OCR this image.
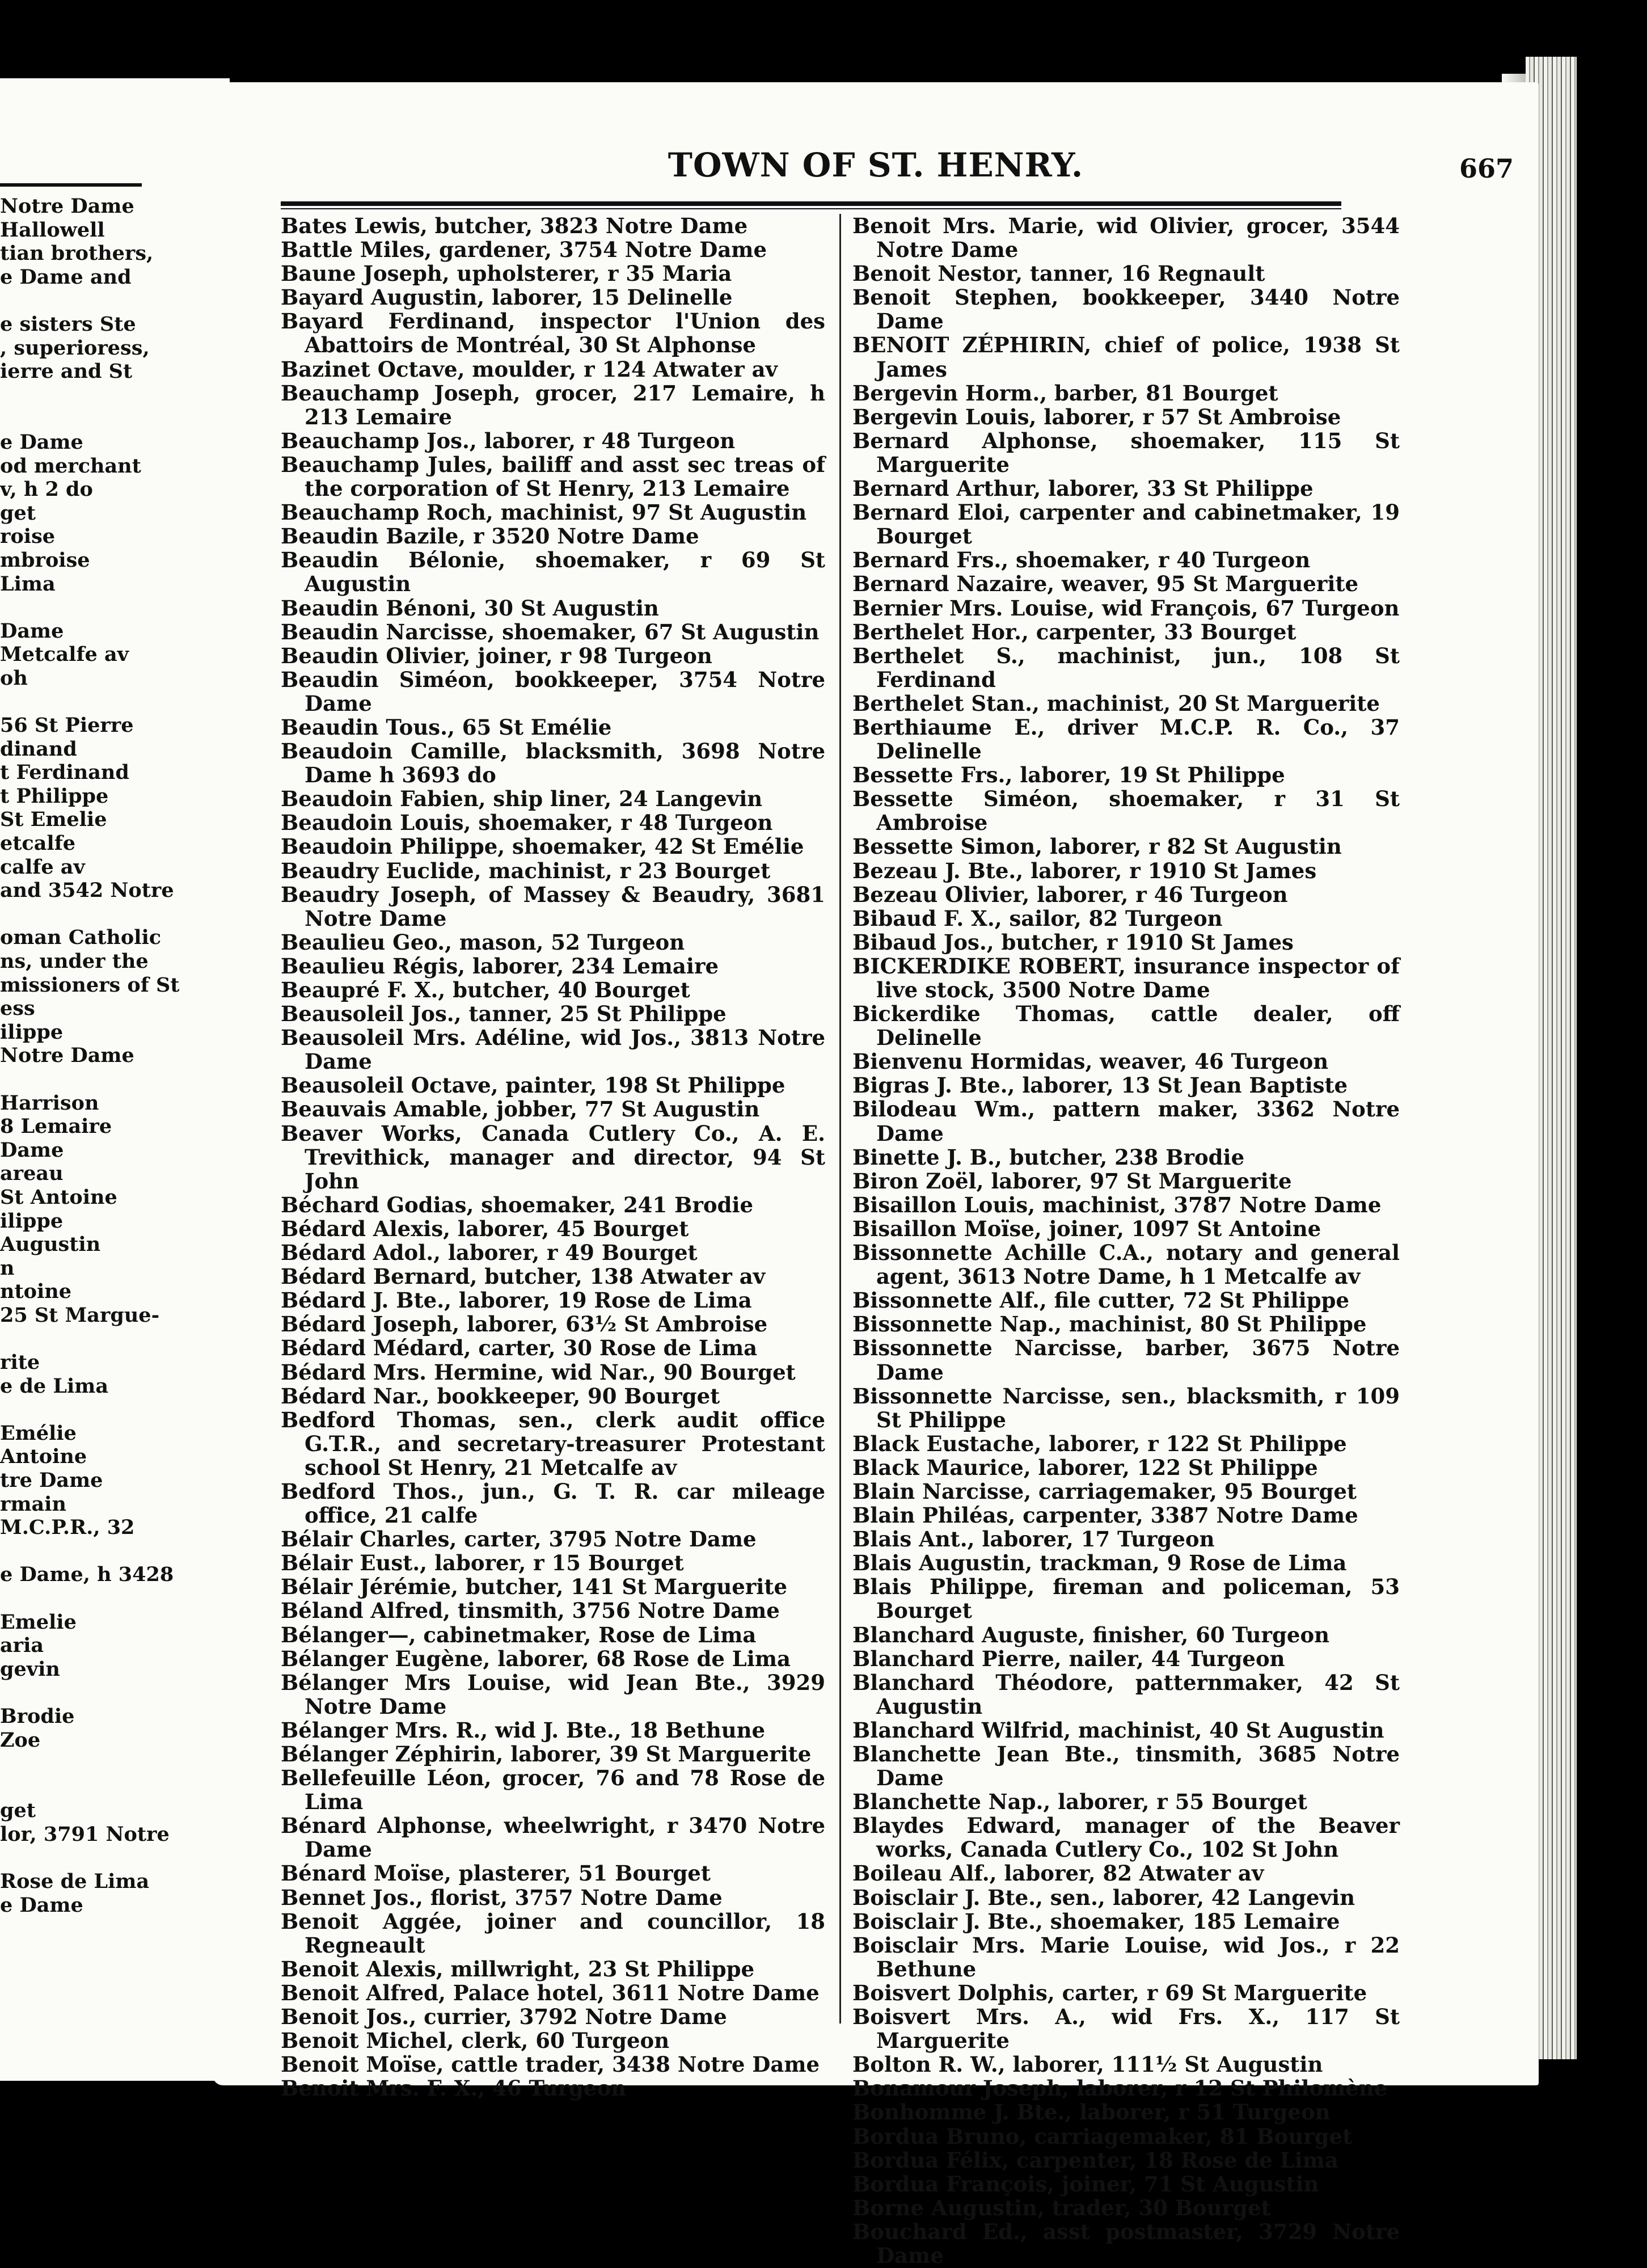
Notre Dame
Hallowell
tian brothers,
e Dame and

e sisters Ste
, superioress,
ierre and St

e Dame
od merchant
v, h 2 do
get
roise
mbroise
Lima

Dame
Metcalfe av
oh

56 St Pierre
dinand
t Ferdinand
t Philippe
St Emelie
etcalfe
calfe av
and 3542 Notre

oman Catholic
ns, under the
missioners of St
ess
ilippe
Notre Dame

Harrison
8 Lemaire
Dame
areau
St Antoine
ilippe
Augustin
n
ntoine
25 St Margue-

rite
e de Lima

Emélie
Antoine
tre Dame
rmain
M.C.P.R., 32

e Dame, h 3428

Emelie
aria
gevin

Brodie
Zoe

get
lor, 3791 Notre

Rose de Lima
e Dame
TOWN OF ST. HENRY.	667
Bates Lewis, butcher, 3823 Notre Dame
Battle Miles, gardener, 3754 Notre Dame
Baune Joseph, upholsterer, r 35 Maria
Bayard Augustin, laborer, 15 Delinelle
Bayard Ferdinand, inspector l'Union des Abattoirs de Montréal, 30 St Alphonse
Bazinet Octave, moulder, r 124 Atwater av
Beauchamp Joseph, grocer, 217 Lemaire, h 213 Lemaire
Beauchamp Jos., laborer, r 48 Turgeon
Beauchamp Jules, bailiff and asst sec treas of the corporation of St Henry, 213 Lemaire
Beauchamp Roch, machinist, 97 St Augustin
Beaudin Bazile, r 3520 Notre Dame
Beaudin Bélonie, shoemaker, r 69 St Augustin
Beaudin Bénoni, 30 St Augustin
Beaudin Narcisse, shoemaker, 67 St Augustin
Beaudin Olivier, joiner, r 98 Turgeon
Beaudin Siméon, bookkeeper, 3754 Notre Dame
Beaudin Tous., 65 St Emélie
Beaudoin Camille, blacksmith, 3698 Notre Dame h 3693 do
Beaudoin Fabien, ship liner, 24 Langevin
Beaudoin Louis, shoemaker, r 48 Turgeon
Beaudoin Philippe, shoemaker, 42 St Emélie
Beaudry Euclide, machinist, r 23 Bourget
Beaudry Joseph, of Massey & Beaudry, 3681 Notre Dame
Beaulieu Geo., mason, 52 Turgeon
Beaulieu Régis, laborer, 234 Lemaire
Beaupré F. X., butcher, 40 Bourget
Beausoleil Jos., tanner, 25 St Philippe
Beausoleil Mrs. Adéline, wid Jos., 3813 Notre Dame
Beausoleil Octave, painter, 198 St Philippe
Beauvais Amable, jobber, 77 St Augustin
Beaver Works, Canada Cutlery Co., A. E. Trevithick, manager and director, 94 St John
Béchard Godias, shoemaker, 241 Brodie
Bédard Alexis, laborer, 45 Bourget
Bédard Adol., laborer, r 49 Bourget
Bédard Bernard, butcher, 138 Atwater av
Bédard J. Bte., laborer, 19 Rose de Lima
Bédard Joseph, laborer, 63½ St Ambroise
Bédard Médard, carter, 30 Rose de Lima
Bédard Mrs. Hermine, wid Nar., 90 Bourget
Bédard Nar., bookkeeper, 90 Bourget
Bedford Thomas, sen., clerk audit office G.T.R., and secretary-treasurer Protestant school St Henry, 21 Metcalfe av
Bedford Thos., jun., G. T. R. car mileage office, 21 calfe
Bélair Charles, carter, 3795 Notre Dame
Bélair Eust., laborer, r 15 Bourget
Bélair Jérémie, butcher, 141 St Marguerite
Béland Alfred, tinsmith, 3756 Notre Dame
Bélanger—, cabinetmaker, Rose de Lima
Bélanger Eugène, laborer, 68 Rose de Lima
Bélanger Mrs Louise, wid Jean Bte., 3929 Notre Dame
Bélanger Mrs. R., wid J. Bte., 18 Bethune
Bélanger Zéphirin, laborer, 39 St Marguerite
Bellefeuille Léon, grocer, 76 and 78 Rose de Lima
Bénard Alphonse, wheelwright, r 3470 Notre Dame
Bénard Moïse, plasterer, 51 Bourget
Bennet Jos., florist, 3757 Notre Dame
Benoit Aggée, joiner and councillor, 18 Regneault
Benoit Alexis, millwright, 23 St Philippe
Benoit Alfred, Palace hotel, 3611 Notre Dame
Benoit Jos., currier, 3792 Notre Dame
Benoit Michel, clerk, 60 Turgeon
Benoit Moïse, cattle trader, 3438 Notre Dame
Benoit Mrs. F. X., 46 Turgeon
Benoit Mrs. Marie, wid Olivier, grocer, 3544 Notre Dame
Benoit Nestor, tanner, 16 Regnault
Benoit Stephen, bookkeeper, 3440 Notre Dame
BENOIT ZÉPHIRIN, chief of police, 1938 St James
Bergevin Horm., barber, 81 Bourget
Bergevin Louis, laborer, r 57 St Ambroise
Bernard Alphonse, shoemaker, 115 St Marguerite
Bernard Arthur, laborer, 33 St Philippe
Bernard Eloi, carpenter and cabinetmaker, 19 Bourget
Bernard Frs., shoemaker, r 40 Turgeon
Bernard Nazaire, weaver, 95 St Marguerite
Bernier Mrs. Louise, wid François, 67 Turgeon
Berthelet Hor., carpenter, 33 Bourget
Berthelet S., machinist, jun., 108 St Ferdinand
Berthelet Stan., machinist, 20 St Marguerite
Berthiaume E., driver M.C.P. R. Co., 37 Delinelle
Bessette Frs., laborer, 19 St Philippe
Bessette Siméon, shoemaker, r 31 St Ambroise
Bessette Simon, laborer, r 82 St Augustin
Bezeau J. Bte., laborer, r 1910 St James
Bezeau Olivier, laborer, r 46 Turgeon
Bibaud F. X., sailor, 82 Turgeon
Bibaud Jos., butcher, r 1910 St James
BICKERDIKE ROBERT, insurance inspector of live stock, 3500 Notre Dame
Bickerdike Thomas, cattle dealer, off Delinelle
Bienvenu Hormidas, weaver, 46 Turgeon
Bigras J. Bte., laborer, 13 St Jean Baptiste
Bilodeau Wm., pattern maker, 3362 Notre Dame
Binette J. B., butcher, 238 Brodie
Biron Zoël, laborer, 97 St Marguerite
Bisaillon Louis, machinist, 3787 Notre Dame
Bisaillon Moïse, joiner, 1097 St Antoine
Bissonnette Achille C.A., notary and general agent, 3613 Notre Dame, h 1 Metcalfe av
Bissonnette Alf., file cutter, 72 St Philippe
Bissonnette Nap., machinist, 80 St Philippe
Bissonnette Narcisse, barber, 3675 Notre Dame
Bissonnette Narcisse, sen., blacksmith, r 109 St Philippe
Black Eustache, laborer, r 122 St Philippe
Black Maurice, laborer, 122 St Philippe
Blain Narcisse, carriagemaker, 95 Bourget
Blain Philéas, carpenter, 3387 Notre Dame
Blais Ant., laborer, 17 Turgeon
Blais Augustin, trackman, 9 Rose de Lima
Blais Philippe, fireman and policeman, 53 Bourget
Blanchard Auguste, finisher, 60 Turgeon
Blanchard Pierre, nailer, 44 Turgeon
Blanchard Théodore, patternmaker, 42 St Augustin
Blanchard Wilfrid, machinist, 40 St Augustin
Blanchette Jean Bte., tinsmith, 3685 Notre Dame
Blanchette Nap., laborer, r 55 Bourget
Blaydes Edward, manager of the Beaver works, Canada Cutlery Co., 102 St John
Boileau Alf., laborer, 82 Atwater av
Boisclair J. Bte., sen., laborer, 42 Langevin
Boisclair J. Bte., shoemaker, 185 Lemaire
Boisclair Mrs. Marie Louise, wid Jos., r 22 Bethune
Boisvert Dolphis, carter, r 69 St Marguerite
Boisvert Mrs. A., wid Frs. X., 117 St Marguerite
Bolton R. W., laborer, 111½ St Augustin
Bonamour Joseph, laborer, r 12 St Philomène
Bonhomme J. Bte., laborer, r 51 Turgeon
Bordua Bruno, carriagemaker, 81 Bourget
Bordua Félix, carpenter, 18 Rose de Lima
Bordua François, joiner, 71 St Augustin
Borne Augustin, trader, 30 Bourget
Bouchard Ed., asst postmaster, 3729 Notre Dame
